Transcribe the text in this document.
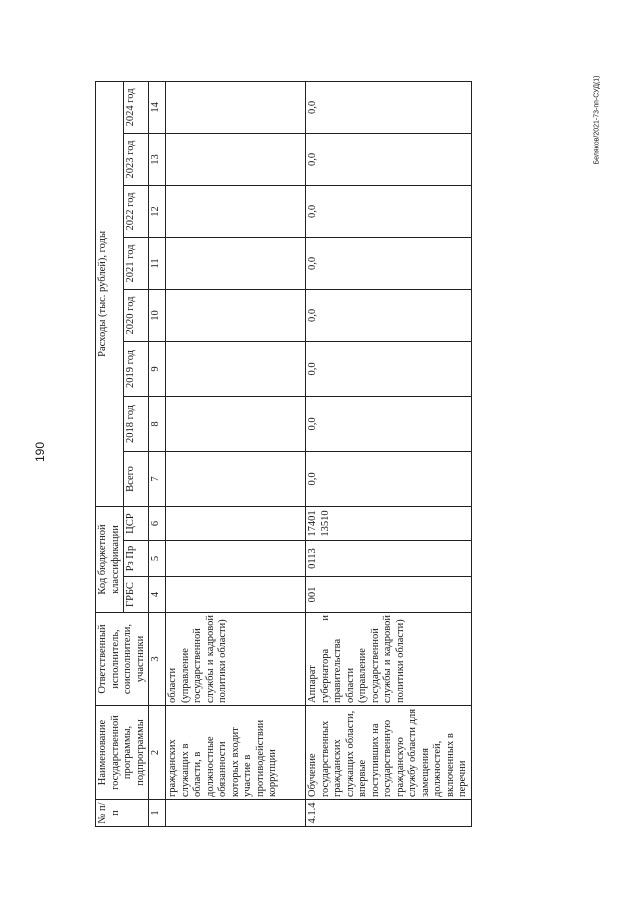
190
Беляков/2021-73-пп-СУД(1)
№ п/п	Наименование государственной программы, подпрограммы	Ответственный исполнитель, соисполнители, участники	Код бюджетной классификации			Расходы (тыс. рублей), годы							
			ГРБС	Рз Пр	ЦСР	Всего	2018 год	2019 год	2020 год	2021 год	2022 год	2023 год	2024 год

1	2	3	4	5	6	7	8	9	10	11	12	13	14
	гражданских служащих в области, в должностные обязанности которых входит участие в противодействии коррупции	области (управление государственной службы и кадровой политики области)											
4.1.4	Обучение государственных гражданских служащих области, впервые поступивших на государственную гражданскую службу области для замещения должностей, включенных в перечни	Аппарат губернатора и правительства области (управление государственной службы и кадровой политики области)	001	0113	1740113510	0,0	0,0	0,0	0,0	0,0	0,0	0,0	0,0
